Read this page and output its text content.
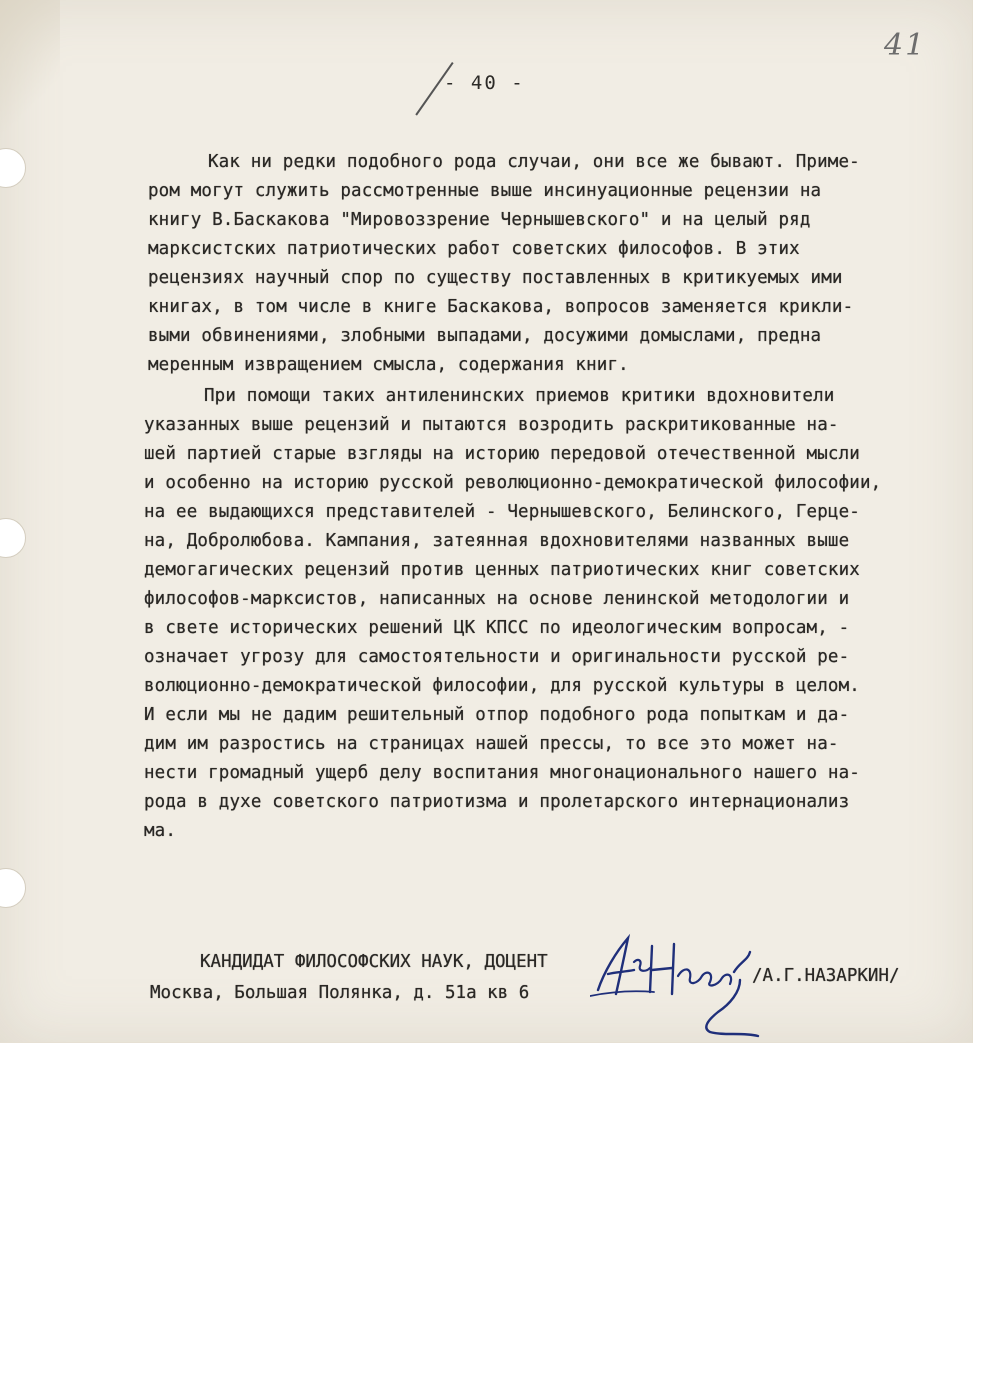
41
- 40 -
Как ни редки подобного рода случаи, они все же бывают. Приме-
ром могут служить рассмотренные выше инсинуационные рецензии на
книгу В.Баскакова "Мировоззрение Чернышевского" и на целый ряд
марксистских патриотических работ советских философов. В этих
рецензиях научный спор по существу поставленных в критикуемых ими
книгах, в том числе в книге Баскакова, вопросов заменяется крикли-
выми обвинениями, злобными выпадами, досужими домыслами, предна
меренным извращением смысла, содержания книг.
При помощи таких антиленинских приемов критики вдохновители
указанных выше рецензий и пытаются возродить раскритикованные на-
шей партией старые взгляды на историю передовой отечественной мысли
и особенно на историю русской революционно-демократической философии,
на ее выдающихся представителей - Чернышевского, Белинского, Герце-
на, Добролюбова. Кампания, затеянная вдохновителями названных выше
демогагических рецензий против ценных патриотических книг советских
философов-марксистов, написанных на основе ленинской методологии и
в свете исторических решений ЦК КПСС по идеологическим вопросам, -
означает угрозу для самостоятельности и оригинальности русской ре-
волюционно-демократической философии, для русской культуры в целом.
И если мы не дадим решительный отпор подобного рода попыткам и да-
дим им разростись на страницах нашей прессы, то все это может на-
нести громадный ущерб делу воспитания многонационального нашего на-
рода в духе советского патриотизма и пролетарского интернационализ
ма.
КАНДИДАТ ФИЛОСОФСКИХ НАУК, ДОЦЕНТ
/А.Г.НАЗАРКИН/
Москва, Большая Полянка, д. 51а кв 6
